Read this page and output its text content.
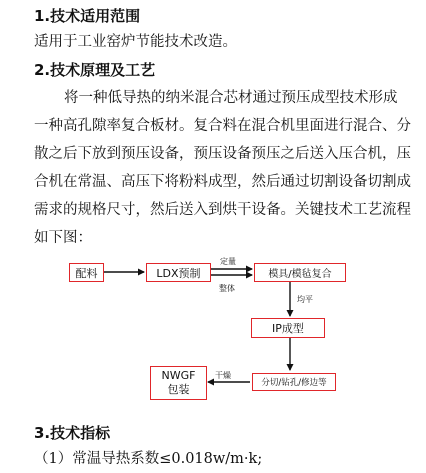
1.技术适用范围

适用于工业窑炉节能技术改造。

2.技术原理及工艺
将一种低导热的纳米混合芯材通过预压成型技术形成
一种高孔隙率复合板材。复合料在混合机里面进行混合、分
散之后下放到预压设备，预压设备预压之后送入压合机，压
合机在常温、高压下将粉料成型，然后通过切割设备切割成
需求的规格尺寸，然后送入到烘干设备。关键技术工艺流程
如下图：
配料	LDX预制	模具/模毡复合
IP成型
分切/钻孔/修边等
NWGF
包装
定量
整体
均平
干燥
3.技术指标

（1）常温导热系数≤0.018w/m·k;
